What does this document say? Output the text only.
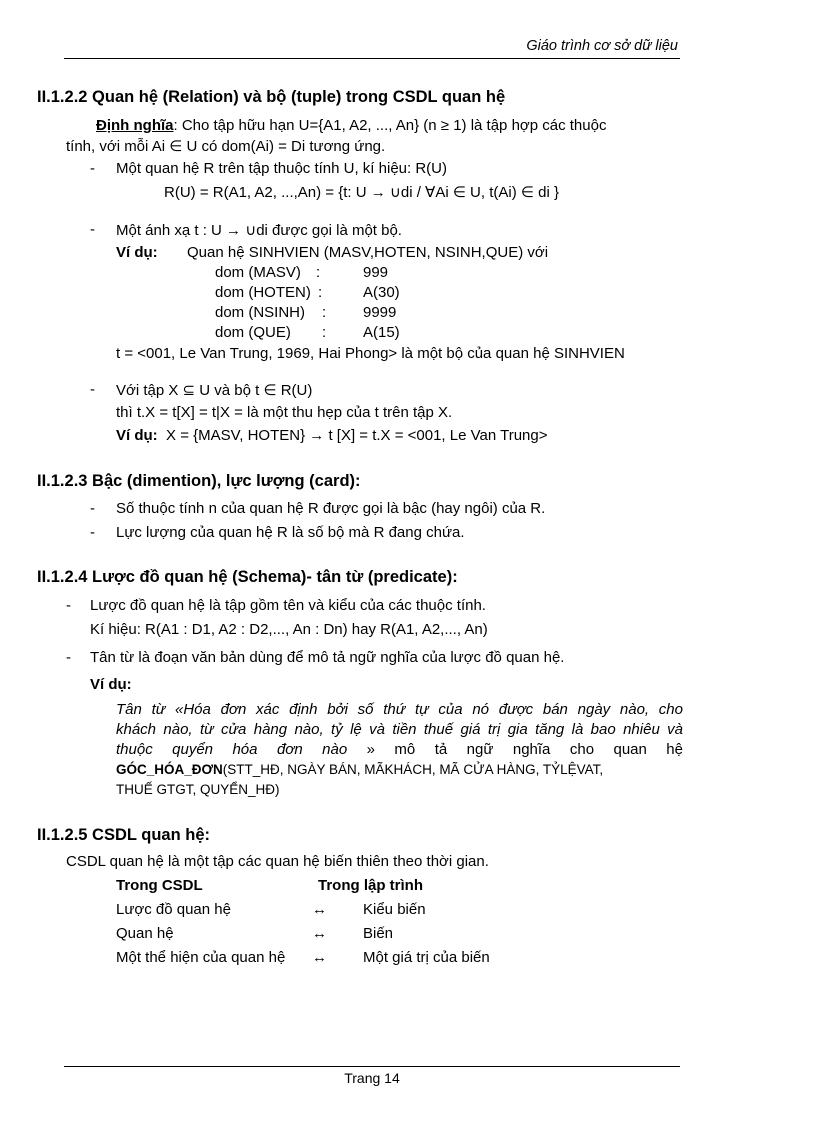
Giáo trình cơ sở dữ liệu
II.1.2.2 Quan hệ (Relation) và bộ (tuple) trong CSDL quan hệ
Định nghĩa: Cho tập hữu hạn U={A1, A2, ..., An} (n ≥ 1) là tập hợp các thuộc
tính, với mỗi Ai ∈ U có dom(Ai) = Di tương ứng.
- Một quan hệ R trên tập thuộc tính U, kí hiệu: R(U)
R(U) = R(A1, A2, ...,An) = {t: U → ∪di / ∀Ai ∈ U, t(Ai) ∈ di }
- Một ánh xạ t : U → ∪di được gọi là một bộ.
Ví dụ: Quan hệ SINHVIEN (MASV,HOTEN, NSINH,QUE) với
dom (MASV) :	999
dom (HOTEN) :	A(30)
dom (NSINH) : 9999
dom (QUE) : A(15)
t = <001, Le Van Trung, 1969, Hai Phong> là một bộ của quan hệ SINHVIEN
- Với tập X ⊆ U và bộ t ∈ R(U)
thì t.X = t[X] = t|X = là một thu hẹp của t trên tập X.
Ví dụ: X = {MASV, HOTEN} → t [X] = t.X = <001, Le Van Trung>
II.1.2.3 Bậc (dimention), lực lượng (card):
- Số thuộc tính n của quan hệ R được gọi là bậc (hay ngôi) của R.
- Lực lượng của quan hệ R là số bộ mà R đang chứa.
II.1.2.4 Lược đồ quan hệ (Schema)- tân từ (predicate):
- Lược đồ quan hệ là tập gồm tên và kiểu của các thuộc tính.
Kí hiệu: R(A1 : D1, A2 : D2,..., An : Dn) hay R(A1, A2,..., An)
- Tân từ là đoạn văn bản dùng để mô tả ngữ nghĩa của lược đồ quan hệ.
Ví dụ:
Tân từ «Hóa đơn xác định bởi số thứ tự của nó được bán ngày nào, cho
khách nào, từ cửa hàng nào, tỷ lệ và tiền thuế giá trị gia tăng là bao nhiêu và
thuộc quyển hóa đơn nào » mô tả ngữ nghĩa cho quan hệ
GÓC_HÓA_ĐƠN(STT_HĐ, NGÀY BÁN, MÃKHÁCH, MÃ CỬA HÀNG, TỶLỆVAT,
THUẾ GTGT, QUYỂN_HĐ)
II.1.2.5 CSDL quan hệ:
CSDL quan hệ là một tập các quan hệ biến thiên theo thời gian.
Trong CSDL	Trong lập trình
Lược đồ quan hệ	↔ Kiểu biến
Quan hệ	↔ Biến
Một thể hiện của quan hệ ↔ Một giá trị của biến
Trang 14
